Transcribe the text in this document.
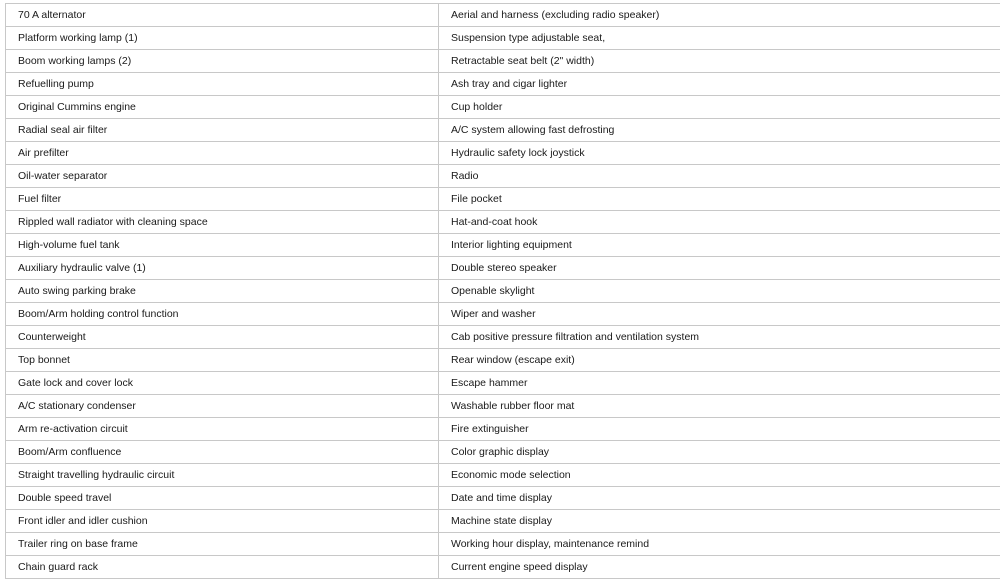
70 A alternator	Aerial and harness (excluding radio speaker)
Platform working lamp (1)	Suspension type adjustable seat,
Boom working lamps (2)	Retractable seat belt (2" width)
Refuelling pump	Ash tray and cigar lighter
Original Cummins engine	Cup holder
Radial seal air filter	A/C system allowing fast defrosting
Air prefilter	Hydraulic safety lock joystick
Oil-water separator	Radio
Fuel filter	File pocket
Rippled wall radiator with cleaning space	Hat-and-coat hook
High-volume fuel tank	Interior lighting equipment
Auxiliary hydraulic valve (1)	Double stereo speaker
Auto swing parking brake	Openable skylight
Boom/Arm holding control function	Wiper and washer
Counterweight	Cab positive pressure filtration and ventilation system
Top bonnet	Rear window (escape exit)
Gate lock and cover lock	Escape hammer
A/C stationary condenser	Washable rubber floor mat
Arm re-activation circuit	Fire extinguisher
Boom/Arm confluence	Color graphic display
Straight travelling hydraulic circuit	Economic mode selection
Double speed travel	Date and time display
Front idler and idler cushion	Machine state display
Trailer ring on base frame	Working hour display, maintenance remind
Chain guard rack	Current engine speed display
